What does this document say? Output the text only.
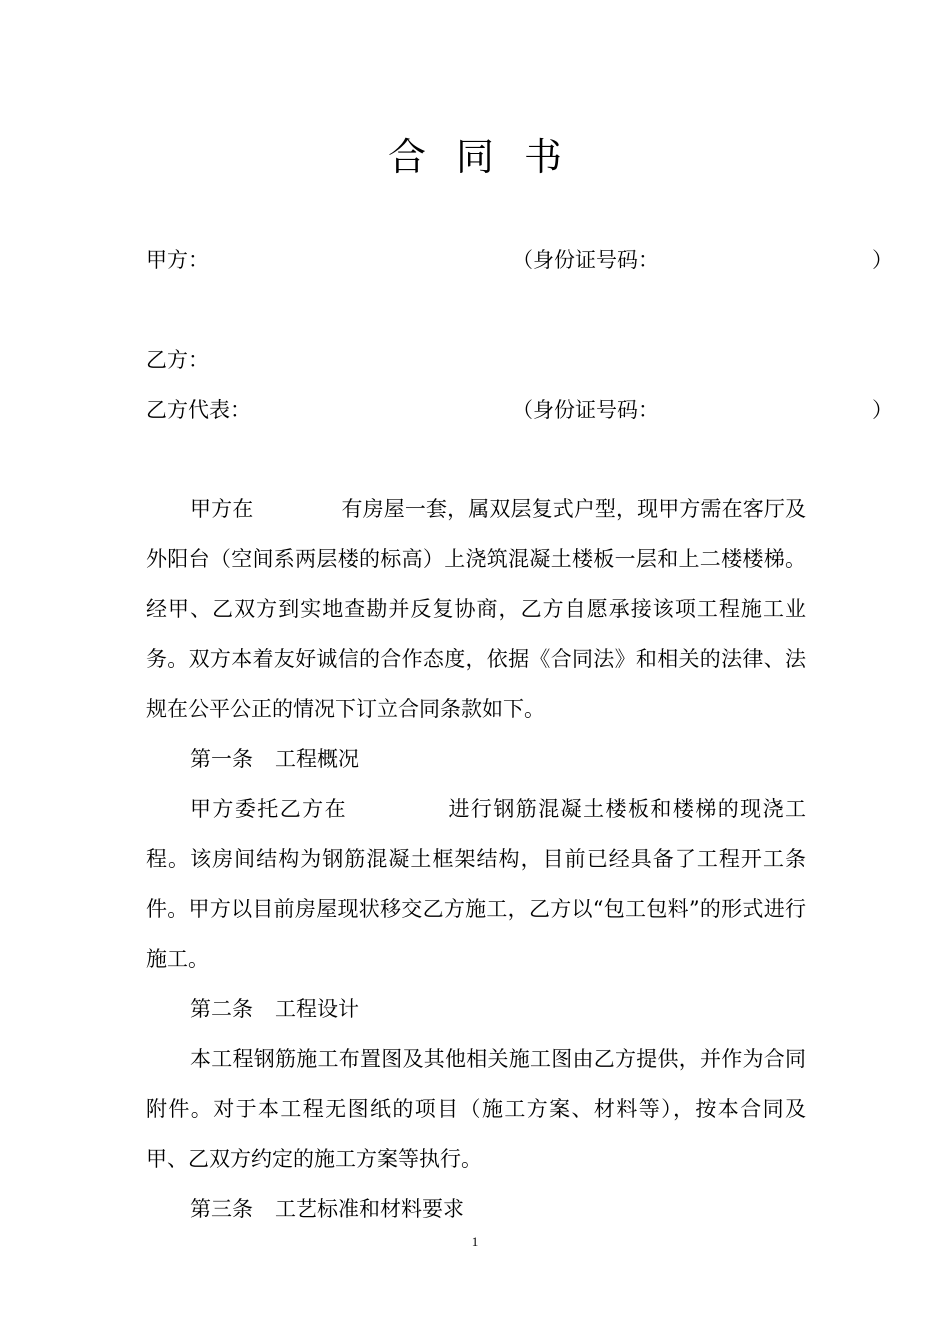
合同书
甲方：	（身份证号码：	）
乙方：
乙方代表：	（身份证号码：	）

甲方在	有房屋一套，属双层复式户型，现甲方需在客厅及外阳台（空间系两层楼的标高）上浇筑混凝土楼板一层和上二楼楼梯。经甲、乙双方到实地查勘并反复协商，乙方自愿承接该项工程施工业务。双方本着友好诚信的合作态度，依据《合同法》和相关的法律、法规在公平公正的情况下订立合同条款如下。

第一条 工程概况

甲方委托乙方在	进行钢筋混凝土楼板和楼梯的现浇工程。该房间结构为钢筋混凝土框架结构，目前已经具备了工程开工条件。甲方以目前房屋现状移交乙方施工，乙方以“包工包料”的形式进行施工。

第二条 工程设计

本工程钢筋施工布置图及其他相关施工图由乙方提供，并作为合同附件。对于本工程无图纸的项目（施工方案、材料等），按本合同及甲、乙双方约定的施工方案等执行。

第三条 工艺标准和材料要求

1
